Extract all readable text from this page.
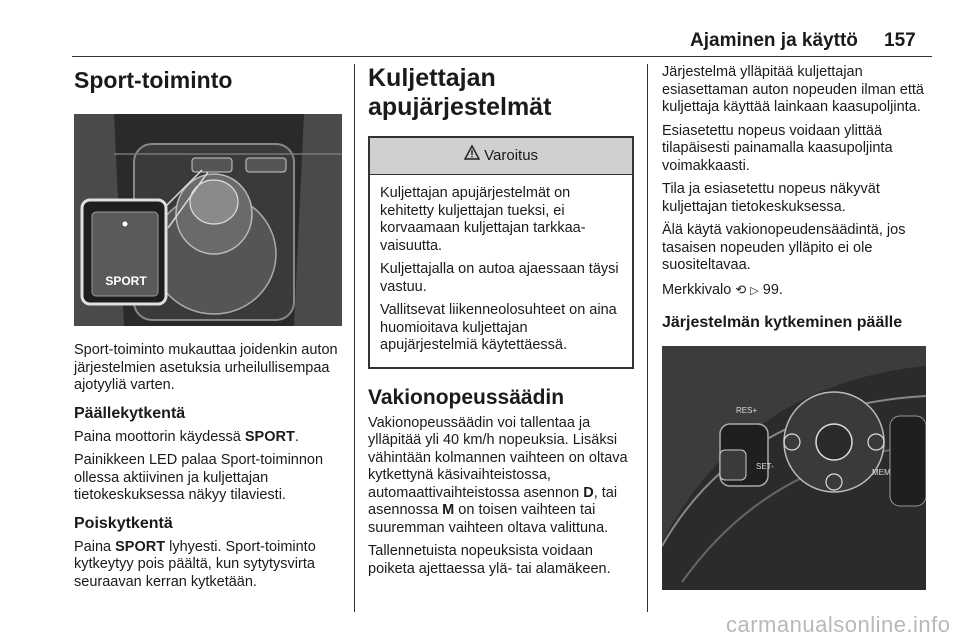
Ajaminen ja käyttö 157
Sport-toiminto
SPORT

Sport-toiminto mukauttaa joidenkin auton järjestelmien asetuksia urheilullisempaa ajotyyliä varten.

Päällekytkentä

Paina moottorin käydessä SPORT.

Painikkeen LED palaa Sport-toiminnon ollessa aktiivinen ja kuljettajan tietokeskuksessa näkyy tilaviesti.

Poiskytkentä

Paina SPORT lyhyesti. Sport-toiminto kytkeytyy pois päältä, kun sytytysvirta seuraavan kerran kytketään.

Kuljettajan
apujärjestelmät
Varoitus

Kuljettajan apujärjestelmät on kehitetty kuljettajan tueksi, ei korvaamaan kuljettajan tarkkaavaisuutta.

Kuljettajalla on autoa ajaessaan täysi vastuu.

Vallitsevat liikenneolosuhteet on aina huomioitava kuljettajan apujärjestelmiä käytettäessä.

Vakionopeussäädin

Vakionopeussäädin voi tallentaa ja ylläpitää yli 40 km/h nopeuksia. Lisäksi vähintään kolmannen vaihteen on oltava kytkettynä käsivaihteistossa, automaattivaihteistossa asennon D, tai asennossa M on toisen vaihteen tai suuremman vaihteen oltava valittuna.

Tallennetuista nopeuksista voidaan poiketa ajettaessa ylä- tai alamäkeen.

Järjestelmä ylläpitää kuljettajan esiasettaman auton nopeuden ilman että kuljettaja käyttää lainkaan kaasupoljinta.

Esiasetettu nopeus voidaan ylittää tilapäisesti painamalla kaasupoljinta voimakkaasti.

Tila ja esiasetettu nopeus näkyvät kuljettajan tietokeskuksessa.

Älä käytä vakionopeudensäädintä, jos tasaisen nopeuden ylläpito ei ole suositeltavaa.

Merkkivalo ⟲ ▷ 99.

Järjestelmän kytkeminen päälle
RES+
SET-
MEM
carmanualsonline.info
